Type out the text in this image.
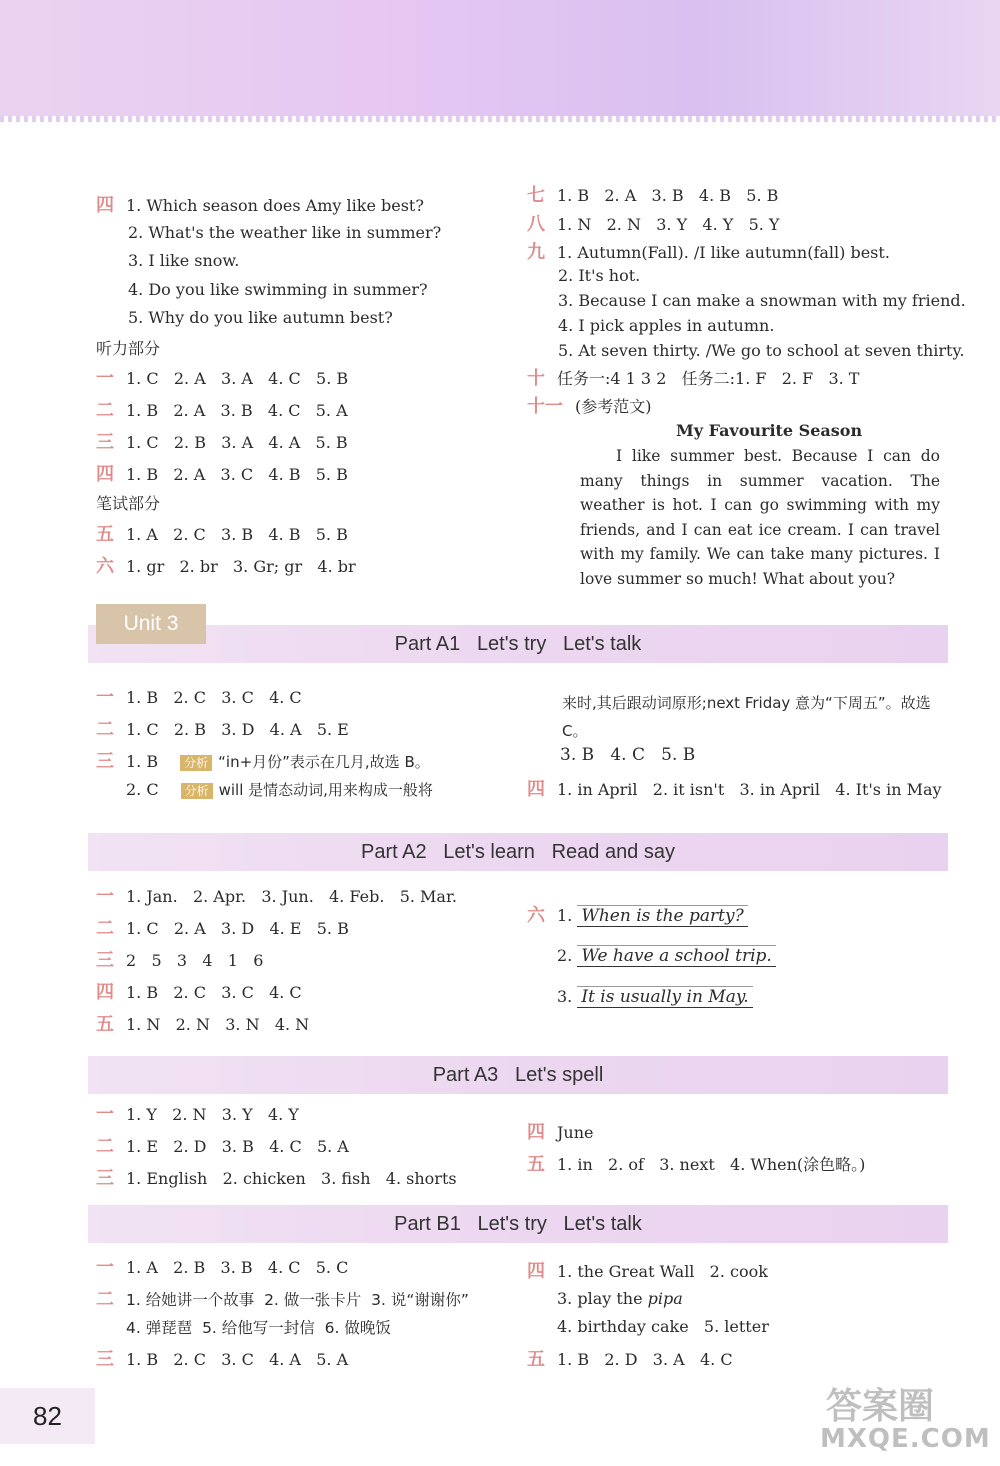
四 1. Which season does Amy like best?
2. What's the weather like in summer?
3. I like snow.
4. Do you like swimming in summer?
5. Why do you like autumn best?
听力部分
一 1. C   2. A   3. A   4. C   5. B
二 1. B   2. A   3. B   4. C   5. A
三 1. C   2. B   3. A   4. A   5. B
四 1. B   2. A   3. C   4. B   5. B
笔试部分
五 1. A   2. C   3. B   4. B   5. B
六 1. gr   2. br   3. Gr; gr   4. br
七 1. B   2. A   3. B   4. B   5. B
八 1. N   2. N   3. Y   4. Y   5. Y
九 1. Autumn(Fall). /I like autumn(fall) best.
2. It's hot.
3. Because I can make a snowman with my friend.
4. I pick apples in autumn.
5. At seven thirty. /We go to school at seven thirty.
十 任务一:4 1 3 2   任务二:1. F   2. F   3. T
十一 (参考范文)
My Favourite Season
I like summer best. Because I can do many things in summer vacation. The weather is hot. I can go swimming with my friends, and I can eat ice cream. I can travel with my family. We can take many pictures. I love summer so much! What about you?
Part A1   Let's try   Let's talk
Unit 3
一 1. B   2. C   3. C   4. C
二 1. C   2. B   3. D   4. A   5. E
三 1. B 分析 “in+月份”表示在几月,故选 B。
2. C 分析 will 是情态动词,用来构成一般将
来时,其后跟动词原形;next Friday 意为“下周五”。故选 C。
3. B   4. C   5. B
四 1. in April   2. it isn't   3. in April   4. It's in May
Part A2   Let's learn   Read and say
一 1. Jan.   2. Apr.   3. Jun.   4. Feb.   5. Mar.
二 1. C   2. A   3. D   4. E   5. B
三 2   5   3   4   1   6
四 1. B   2. C   3. C   4. C
五 1. N   2. N   3. N   4. N
六 1. When is the party?
2. We have a school trip.
3. It is usually in May.
Part A3   Let's spell
一 1. Y   2. N   3. Y   4. Y
二 1. E   2. D   3. B   4. C   5. A
三 1. English   2. chicken   3. fish   4. shorts
四 June
五 1. in   2. of   3. next   4. When(涂色略。)
Part B1   Let's try   Let's talk
一 1. A   2. B   3. B   4. C   5. C
二 1. 给她讲一个故事  2. 做一张卡片  3. 说“谢谢你”
4. 弹琵琶  5. 给他写一封信  6. 做晚饭
三 1. B   2. C   3. C   4. A   5. A
四 1. the Great Wall   2. cook
3. play the pipa
4. birthday cake   5. letter
五 1. B   2. D   3. A   4. C
82	答案圈
MXQE.COM
